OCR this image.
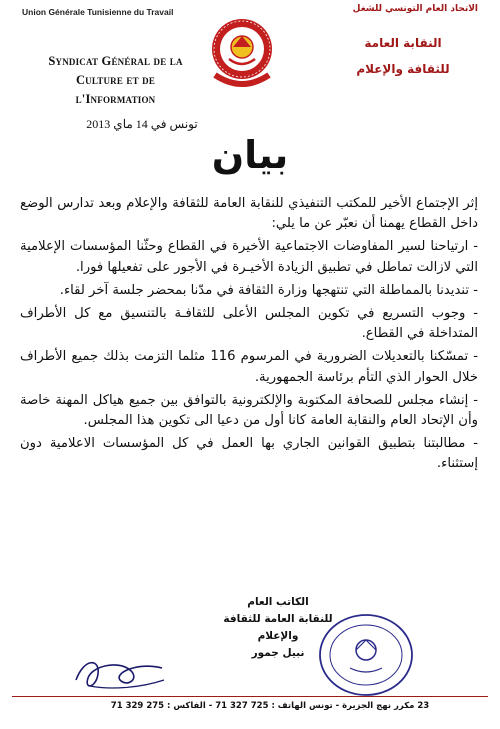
Union Générale Tunisienne du Travail
Syndicat Général de la
Culture et de
l'Information
الاتحاد العام التونسي للشغل
النقابة العامة
للثقافة والإعلام
تونس في 14 ماي 2013
بيان

إثر الإجتماع الأخير للمكتب التنفيذي للنقابة العامة للثقافة والإعلام وبعد تدارس الوضع داخل القطاع يهمنا أن نعبّر عن ما يلي:

- ارتياحنا لسير المفاوضات الاجتماعية الأخيرة في القطاع وحثّنا المؤسسات الإعلامية التي لازالت تماطل في تطبيق الزيادة الأخيـرة في الأجور على تفعيلها فورا.

- تنديدنا بالمماطلة التي تنتهجها وزارة الثقافة في مدّنا بمحضر جلسة آخر لقاء.

- وجوب التسريع في تكوين المجلس الأعلى للثقافـة بالتنسيق مع كل الأطراف المتداخلة في القطاع.

- تمسّكنا بالتعديلات الضرورية في المرسوم 116 مثلما التزمت بذلك جميع الأطراف خلال الحوار الذي التأم برئاسة الجمهورية.

- إنشاء مجلس للصحافة المكتوبة والإلكترونية بالتوافق بين جميع هياكل المهنة خاصة وأن الإتحاد العام والنقابة العامة كانا أول من دعيا الى تكوين هذا المجلس.

- مطالبتنا بتطبيق القوانين الجاري بها العمل في كل المؤسسات الاعلامية دون إستثناء.

الكاتب العام
للنقابة العامة للثقافة والإعلام
نبيل جمور
23 مكرر نهج الجزيرة - تونس الهاتف : 725 327 71 - الفاكس : 275 329 71
